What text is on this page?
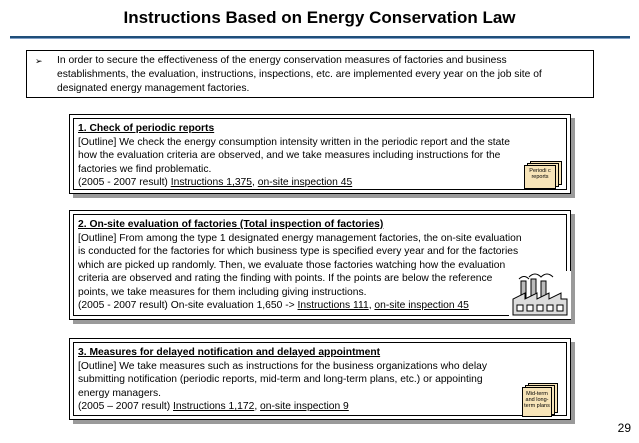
Instructions Based on Energy Conservation Law
➢ In order to secure the effectiveness of the energy conservation measures of factories and business
establishments, the evaluation, instructions, inspections, etc. are implemented every year on the job site of
designated energy management factories.
1. Check of periodic reports
[Outline] We check the energy consumption intensity written in the periodic report and the state
how the evaluation criteria are observed, and we take measures including instructions for the
factories we find problematic.
(2005 - 2007 result) Instructions 1,375, on-site inspection 45
Periodi c reports
2. On-site evaluation of factories (Total inspection of factories)
[Outline] From among the type 1 designated energy management factories, the on-site evaluation
is conducted for the factories for which business type is specified every year and for the factories
which are picked up randomly. Then, we evaluate those factories watching how the evaluation
criteria are observed and rating the finding with points. If the points are below the reference
points, we take measures for them including giving instructions.
(2005 - 2007 result) On-site evaluation 1,650 -> Instructions 111, on-site inspection 45
3. Measures for delayed notification and delayed appointment
[Outline] We take measures such as instructions for the business organizations who delay
submitting notification (periodic reports, mid-term and long-term plans, etc.) or appointing
energy managers.
(2005 – 2007 result) Instructions 1,172, on-site inspection 9
Mid-term and long-term plans
29
